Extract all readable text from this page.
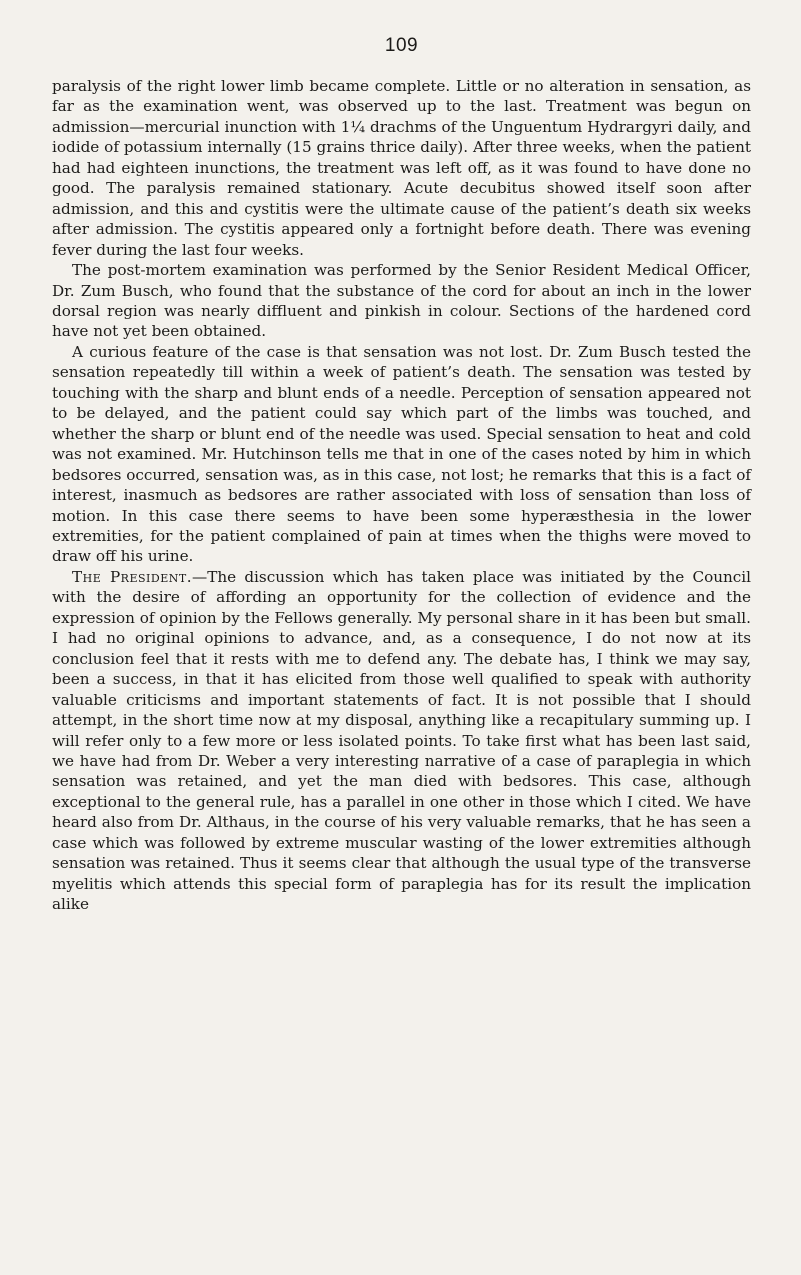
109

paralysis of the right lower limb became complete. Little or no alteration in sensation, as far as the examination went, was observed up to the last. Treatment was begun on admission—mercurial inunction with 1¼ drachms of the Unguentum Hydrargyri daily, and iodide of potassium internally (15 grains thrice daily). After three weeks, when the patient had had eighteen inunctions, the treatment was left off, as it was found to have done no good. The paralysis remained stationary. Acute decubitus showed itself soon after admission, and this and cystitis were the ultimate cause of the patient’s death six weeks after admission. The cystitis appeared only a fortnight before death. There was evening fever during the last four weeks.

The post-mortem examination was performed by the Senior Resident Medical Officer, Dr. Zum Busch, who found that the substance of the cord for about an inch in the lower dorsal region was nearly diffluent and pinkish in colour. Sections of the hardened cord have not yet been obtained.

A curious feature of the case is that sensation was not lost. Dr. Zum Busch tested the sensation repeatedly till within a week of patient’s death. The sensation was tested by touching with the sharp and blunt ends of a needle. Perception of sensation appeared not to be delayed, and the patient could say which part of the limbs was touched, and whether the sharp or blunt end of the needle was used. Special sensation to heat and cold was not examined. Mr. Hutchinson tells me that in one of the cases noted by him in which bedsores occurred, sensation was, as in this case, not lost; he remarks that this is a fact of interest, inasmuch as bedsores are rather associated with loss of sensation than loss of motion. In this case there seems to have been some hyperæsthesia in the lower extremities, for the patient complained of pain at times when the thighs were moved to draw off his urine.

The President.—The discussion which has taken place was initiated by the Council with the desire of affording an opportunity for the collection of evidence and the expression of opinion by the Fellows generally. My personal share in it has been but small. I had no original opinions to advance, and, as a consequence, I do not now at its conclusion feel that it rests with me to defend any. The debate has, I think we may say, been a success, in that it has elicited from those well qualified to speak with authority valuable criticisms and important statements of fact. It is not possible that I should attempt, in the short time now at my disposal, anything like a recapitulary summing up. I will refer only to a few more or less isolated points. To take first what has been last said, we have had from Dr. Weber a very interesting narrative of a case of paraplegia in which sensation was retained, and yet the man died with bedsores. This case, although exceptional to the general rule, has a parallel in one other in those which I cited. We have heard also from Dr. Althaus, in the course of his very valuable remarks, that he has seen a case which was followed by extreme muscular wasting of the lower extremities although sensation was retained. Thus it seems clear that although the usual type of the transverse myelitis which attends this special form of paraplegia has for its result the implication alike
